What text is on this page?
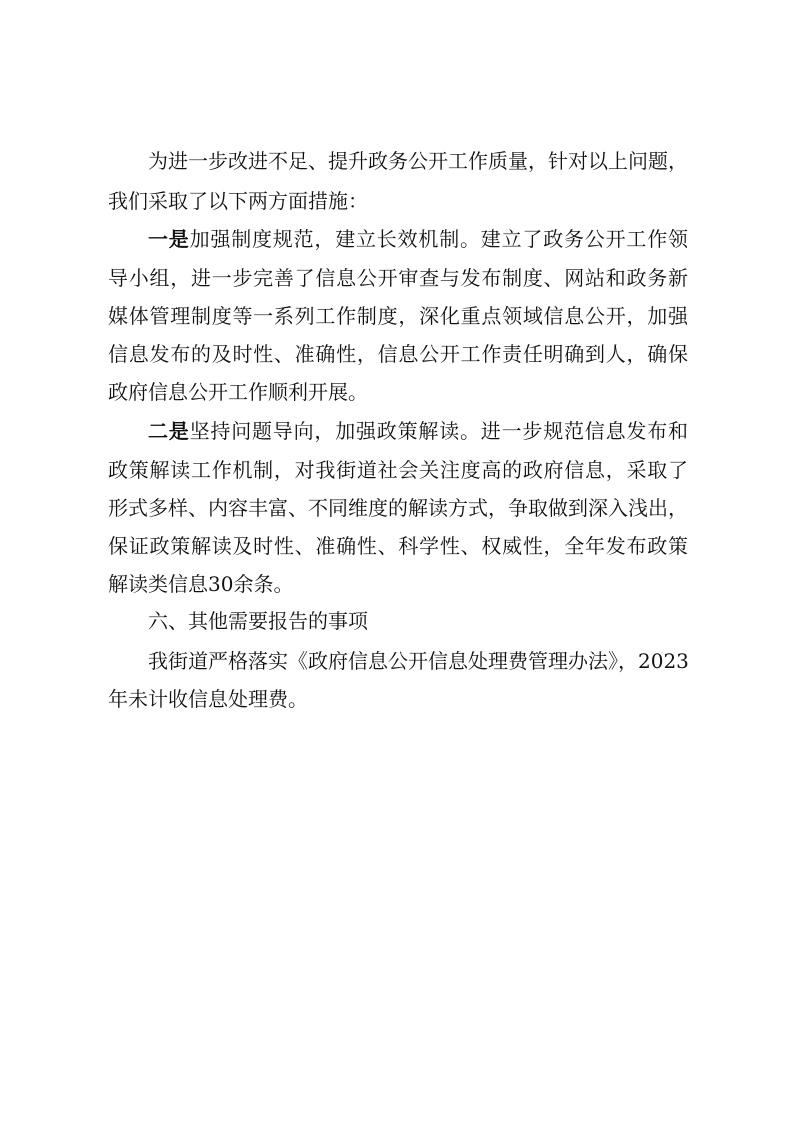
为进一步改进不足、提升政务公开工作质量，针对以上问题，
我们采取了以下两方面措施：
一是加强制度规范，建立长效机制。建立了政务公开工作领
导小组，进一步完善了信息公开审查与发布制度、网站和政务新
媒体管理制度等一系列工作制度，深化重点领域信息公开，加强
信息发布的及时性、准确性，信息公开工作责任明确到人，确保
政府信息公开工作顺利开展。
二是坚持问题导向，加强政策解读。进一步规范信息发布和
政策解读工作机制，对我街道社会关注度高的政府信息，采取了
形式多样、内容丰富、不同维度的解读方式，争取做到深入浅出，
保证政策解读及时性、准确性、科学性、权威性，全年发布政策
解读类信息30余条。
六、其他需要报告的事项
我街道严格落实《政府信息公开信息处理费管理办法》，2023
年未计收信息处理费。
